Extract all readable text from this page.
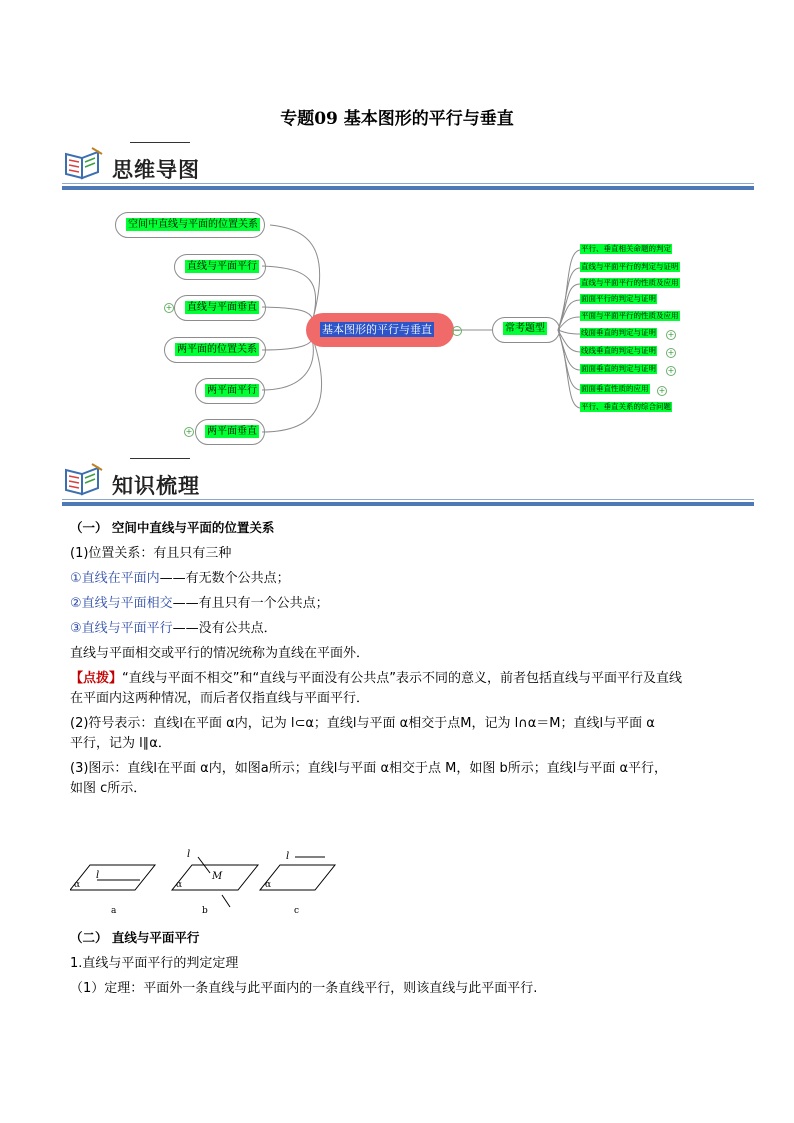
专题09 基本图形的平行与垂直
思维导图
空间中直线与平面的位置关系
直线与平面平行
直线与平面垂直
+
两平面的位置关系
两平面平行
两平面垂直
+
基本图形的平行与垂直	−	常考题型
平行、垂直相关命题的判定
直线与平面平行的判定与证明
直线与平面平行的性质及应用
面面平行的判定与证明
平面与平面平行的性质及应用
线面垂直的判定与证明 +
线线垂直的判定与证明 +
面面垂直的判定与证明 +
面面垂直性质的应用 +
平行、垂直关系的综合问题
知识梳理
（一） 空间中直线与平面的位置关系
(1)位置关系：有且只有三种
①直线在平面内——有无数个公共点；
②直线与平面相交——有且只有一个公共点；
③直线与平面平行——没有公共点．
直线与平面相交或平行的情况统称为直线在平面外．
【点拨】“直线与平面不相交”和“直线与平面没有公共点”表示不同的意义，前者包括直线与平面平行及直线
在平面内这两种情况，而后者仅指直线与平面平行．
(2)符号表示：直线l在平面 α内，记为 l⊂α；直线l与平面 α相交于点M，记为 l∩α＝M；直线l与平面 α
平行，记为 l∥α．
(3)图示：直线l在平面 α内，如图a所示；直线l与平面 α相交于点 M，如图 b所示；直线l与平面 α平行，
如图 c所示．
l
α
a
l
M
α
b
l
α
c
（二） 直线与平面平行
1.直线与平面平行的判定定理
（1）定理：平面外一条直线与此平面内的一条直线平行，则该直线与此平面平行.
